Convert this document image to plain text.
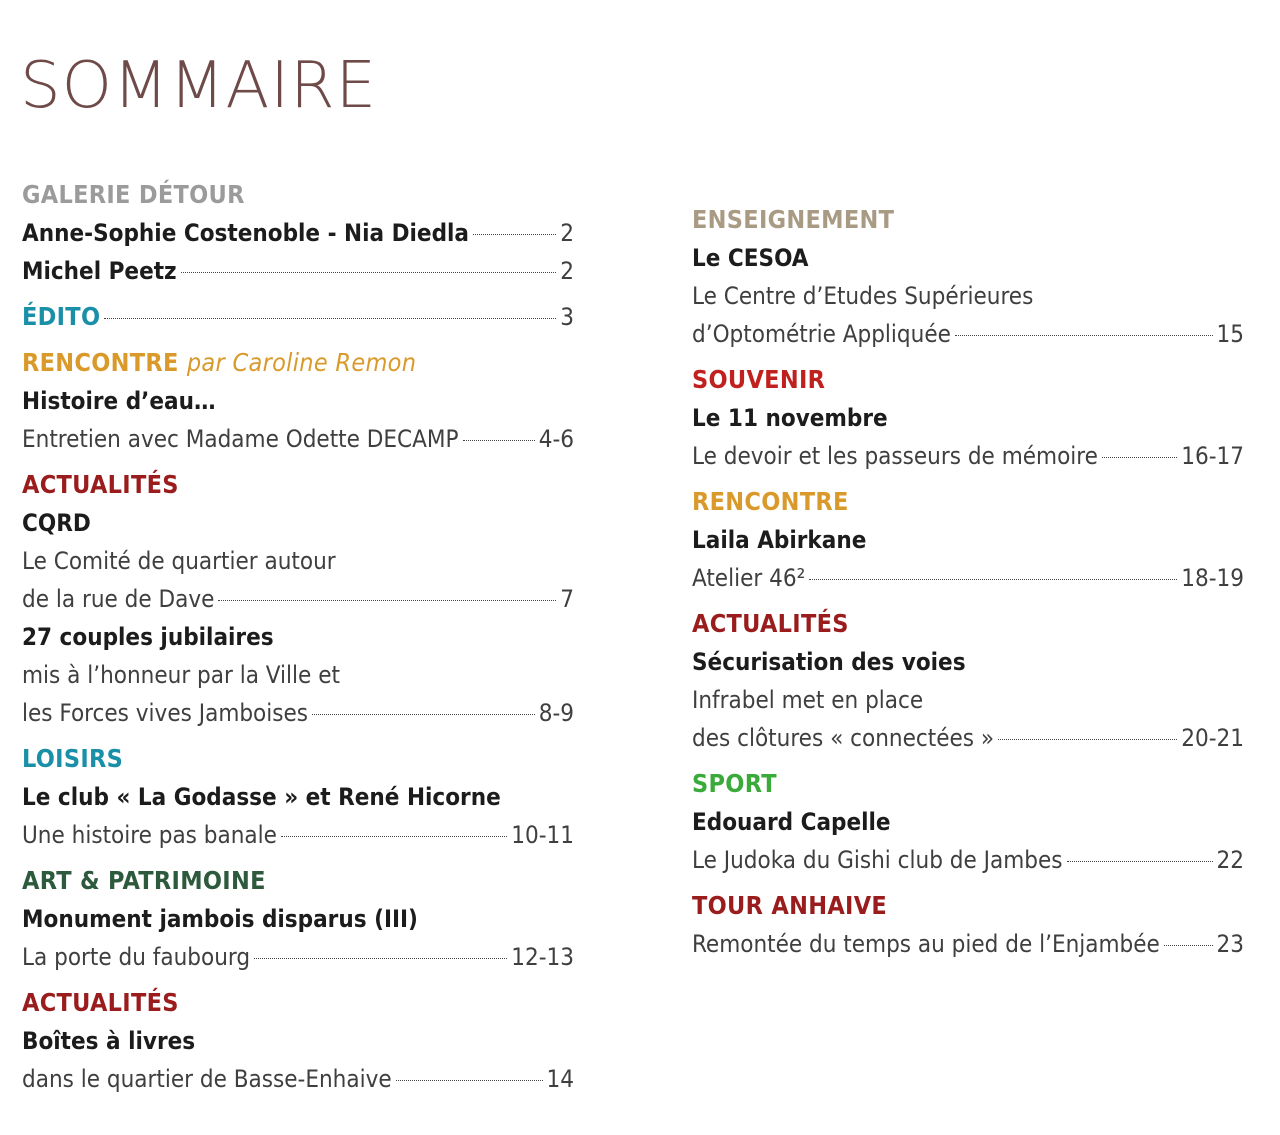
SOMMAIRE
GALERIE DÉTOUR
Anne-Sophie Costenoble - Nia Diedla	2
Michel Peetz	2
ÉDITO	3
RENCONTRE par Caroline Remon
Histoire d’eau…
Entretien avec Madame Odette DECAMP	4-6
ACTUALITÉS
CQRD
Le Comité de quartier autour
de la rue de Dave	7
27 couples jubilaires
mis à l’honneur par la Ville et
les Forces vives Jamboises	8-9
LOISIRS
Le club « La Godasse » et René Hicorne
Une histoire pas banale	10-11
ART & PATRIMOINE
Monument jambois disparus (III)
La porte du faubourg	12-13
ACTUALITÉS
Boîtes à livres
dans le quartier de Basse-Enhaive	14
ENSEIGNEMENT
Le CESOA
Le Centre d’Etudes Supérieures
d’Optométrie Appliquée	15
SOUVENIR
Le 11 novembre
Le devoir et les passeurs de mémoire	16-17
RENCONTRE
Laila Abirkane
Atelier 46²	18-19
ACTUALITÉS
Sécurisation des voies
Infrabel met en place
des clôtures « connectées »	20-21
SPORT
Edouard Capelle
Le Judoka du Gishi club de Jambes	22
TOUR ANHAIVE
Remontée du temps au pied de l’Enjambée 23
